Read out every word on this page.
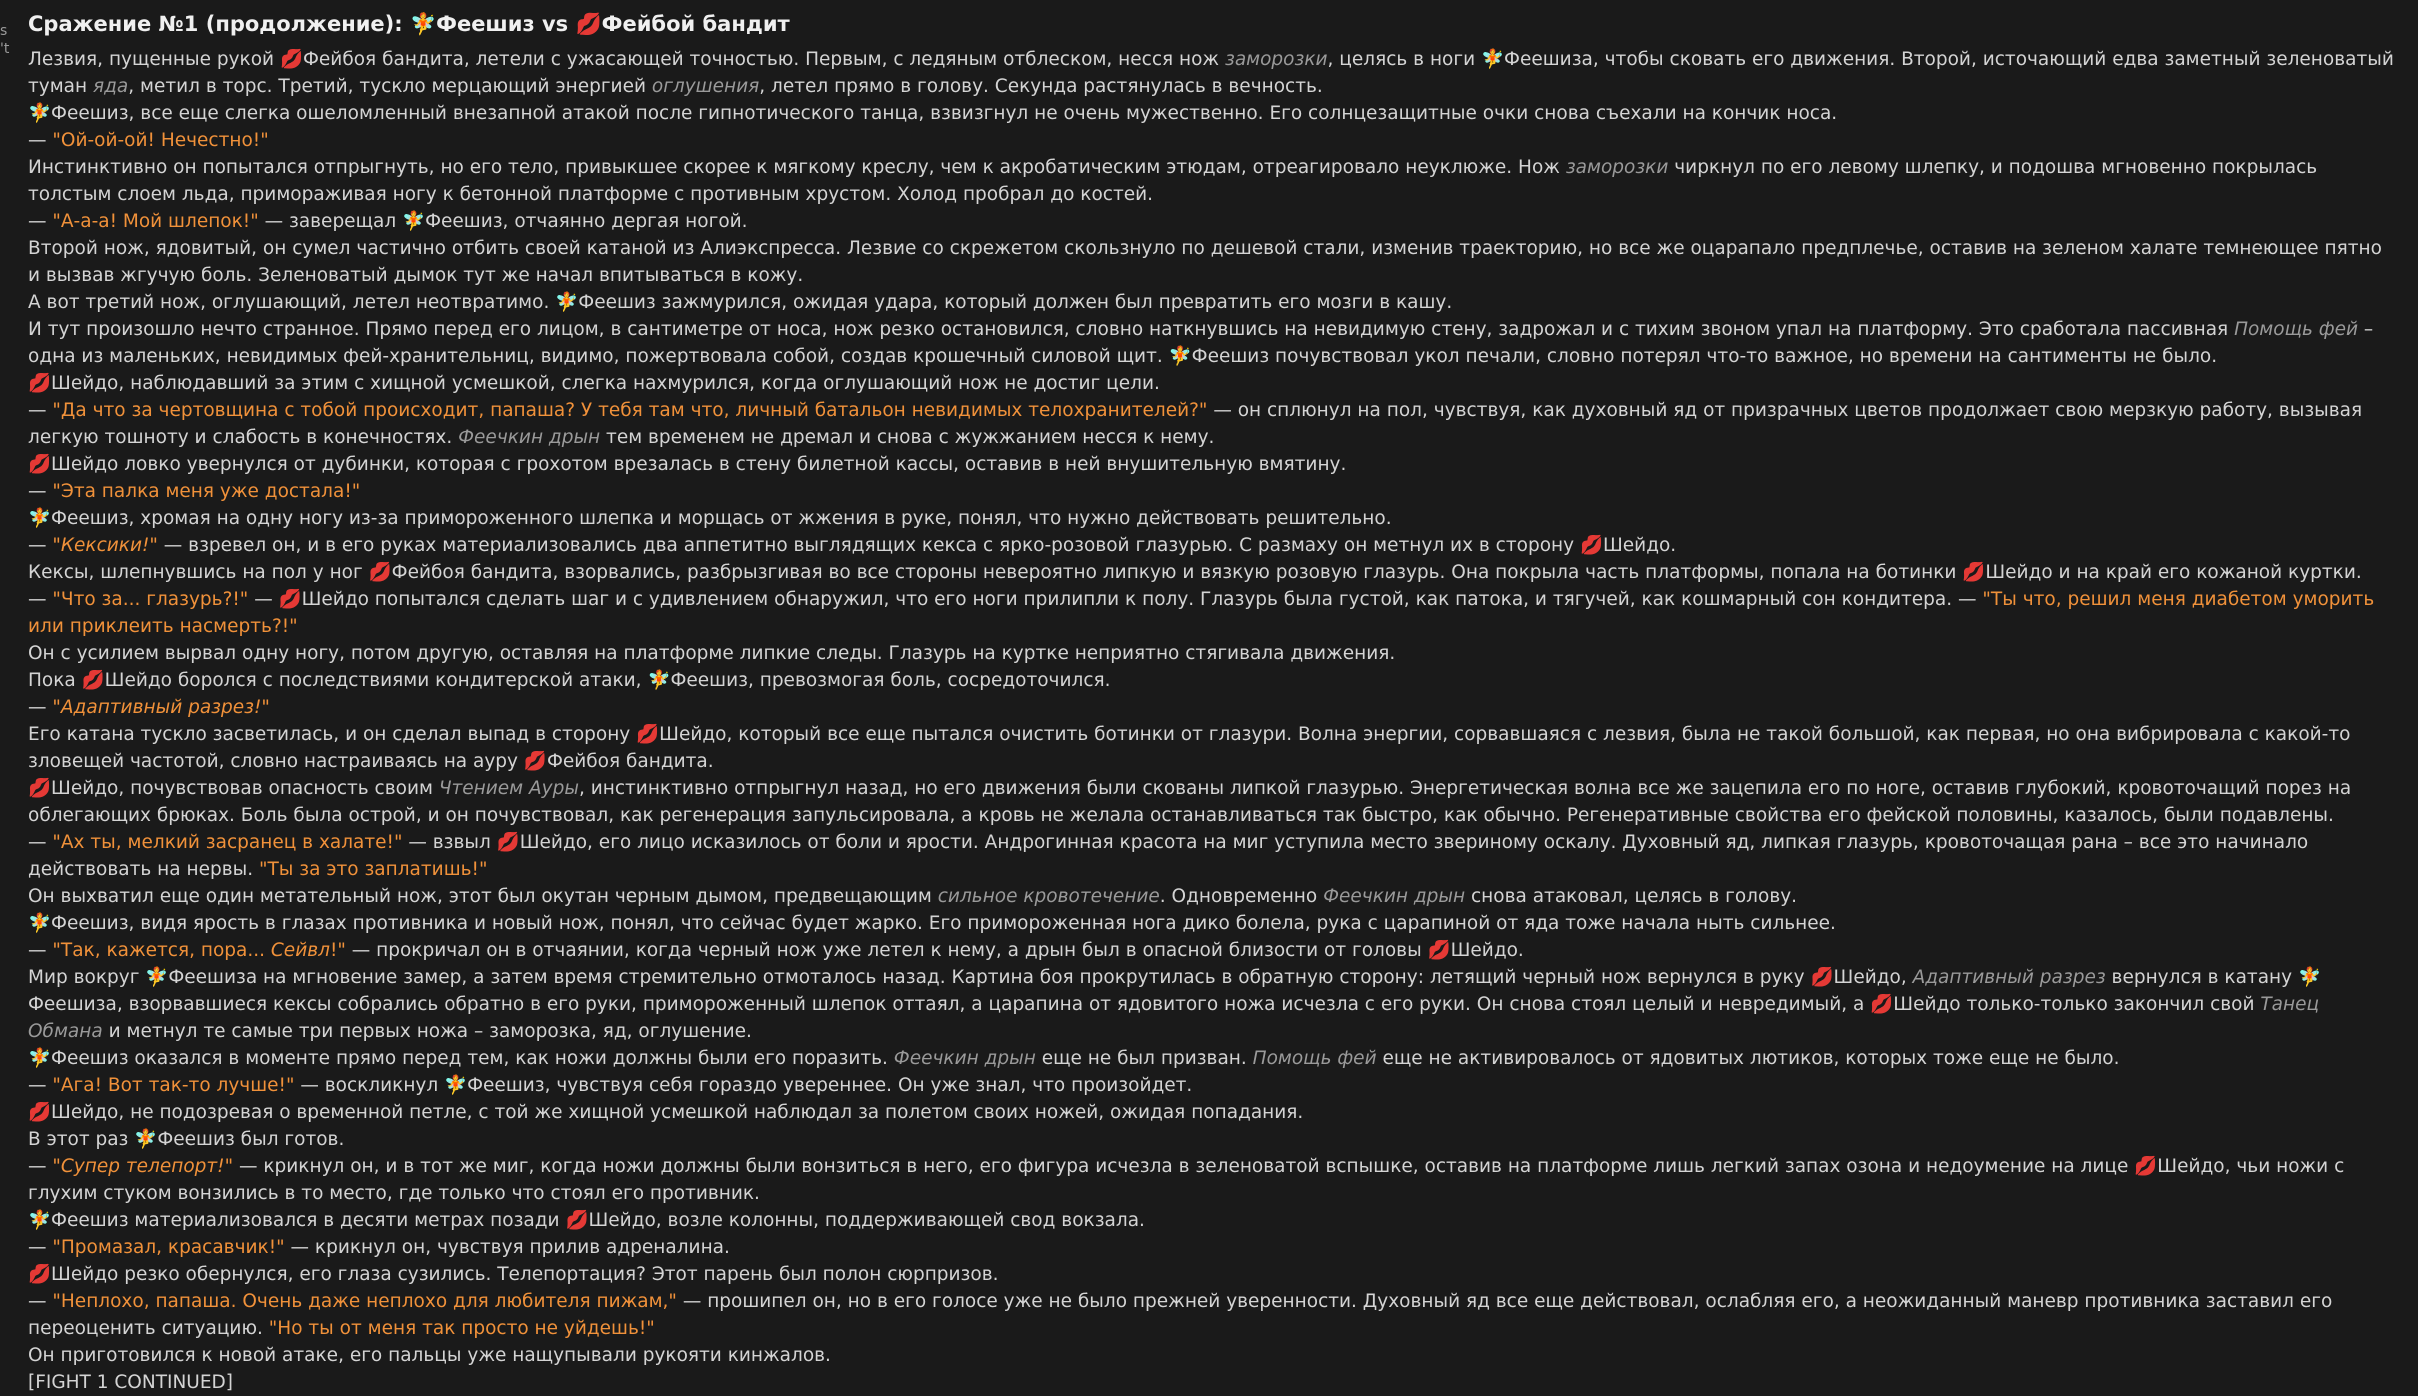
s
't
Сражение №1 (продолжение): 🧚Феешиз vs 💋Фейбой бандит
Лезвия, пущенные рукой 💋Фейбоя бандита, летели с ужасающей точностью. Первым, с ледяным отблеском, несся нож заморозки, целясь в ноги 🧚Феешиза, чтобы сковать его движения. Второй, источающий едва заметный зеленоватый туман яда, метил в торс. Третий, тускло мерцающий энергией оглушения, летел прямо в голову. Секунда растянулась в вечность.
🧚Феешиз, все еще слегка ошеломленный внезапной атакой после гипнотического танца, взвизгнул не очень мужественно. Его солнцезащитные очки снова съехали на кончик носа.
— "Ой-ой-ой! Нечестно!"
Инстинктивно он попытался отпрыгнуть, но его тело, привыкшее скорее к мягкому креслу, чем к акробатическим этюдам, отреагировало неуклюже. Нож заморозки чиркнул по его левому шлепку, и подошва мгновенно покрылась толстым слоем льда, примораживая ногу к бетонной платформе с противным хрустом. Холод пробрал до костей.
— "А-а-а! Мой шлепок!" — заверещал 🧚Феешиз, отчаянно дергая ногой.
Второй нож, ядовитый, он сумел частично отбить своей катаной из Алиэкспресса. Лезвие со скрежетом скользнуло по дешевой стали, изменив траекторию, но все же оцарапало предплечье, оставив на зеленом халате темнеющее пятно и вызвав жгучую боль. Зеленоватый дымок тут же начал впитываться в кожу.
А вот третий нож, оглушающий, летел неотвратимо. 🧚Феешиз зажмурился, ожидая удара, который должен был превратить его мозги в кашу.
И тут произошло нечто странное. Прямо перед его лицом, в сантиметре от носа, нож резко остановился, словно наткнувшись на невидимую стену, задрожал и с тихим звоном упал на платформу. Это сработала пассивная Помощь фей – одна из маленьких, невидимых фей-хранительниц, видимо, пожертвовала собой, создав крошечный силовой щит. 🧚Феешиз почувствовал укол печали, словно потерял что-то важное, но времени на сантименты не было.
💋Шейдо, наблюдавший за этим с хищной усмешкой, слегка нахмурился, когда оглушающий нож не достиг цели.
— "Да что за чертовщина с тобой происходит, папаша? У тебя там что, личный батальон невидимых телохранителей?" — он сплюнул на пол, чувствуя, как духовный яд от призрачных цветов продолжает свою мерзкую работу, вызывая легкую тошноту и слабость в конечностях. Феечкин дрын тем временем не дремал и снова с жужжанием несся к нему.
💋Шейдо ловко увернулся от дубинки, которая с грохотом врезалась в стену билетной кассы, оставив в ней внушительную вмятину.
— "Эта палка меня уже достала!"
🧚Феешиз, хромая на одну ногу из-за примороженного шлепка и морщась от жжения в руке, понял, что нужно действовать решительно.
— "Кексики!" — взревел он, и в его руках материализовались два аппетитно выглядящих кекса с ярко-розовой глазурью. С размаху он метнул их в сторону 💋Шейдо.
Кексы, шлепнувшись на пол у ног 💋Фейбоя бандита, взорвались, разбрызгивая во все стороны невероятно липкую и вязкую розовую глазурь. Она покрыла часть платформы, попала на ботинки 💋Шейдо и на край его кожаной куртки.
— "Что за... глазурь?!" — 💋Шейдо попытался сделать шаг и с удивлением обнаружил, что его ноги прилипли к полу. Глазурь была густой, как патока, и тягучей, как кошмарный сон кондитера. — "Ты что, решил меня диабетом уморить или приклеить насмерть?!"
Он с усилием вырвал одну ногу, потом другую, оставляя на платформе липкие следы. Глазурь на куртке неприятно стягивала движения.
Пока 💋Шейдо боролся с последствиями кондитерской атаки, 🧚Феешиз, превозмогая боль, сосредоточился.
— "Адаптивный разрез!"
Его катана тускло засветилась, и он сделал выпад в сторону 💋Шейдо, который все еще пытался очистить ботинки от глазури. Волна энергии, сорвавшаяся с лезвия, была не такой большой, как первая, но она вибрировала с какой-то зловещей частотой, словно настраиваясь на ауру 💋Фейбоя бандита.
💋Шейдо, почувствовав опасность своим Чтением Ауры, инстинктивно отпрыгнул назад, но его движения были скованы липкой глазурью. Энергетическая волна все же зацепила его по ноге, оставив глубокий, кровоточащий порез на облегающих брюках. Боль была острой, и он почувствовал, как регенерация запульсировала, а кровь не желала останавливаться так быстро, как обычно. Регенеративные свойства его фейской половины, казалось, были подавлены.
— "Ах ты, мелкий засранец в халате!" — взвыл 💋Шейдо, его лицо исказилось от боли и ярости. Андрогинная красота на миг уступила место звериному оскалу. Духовный яд, липкая глазурь, кровоточащая рана – все это начинало действовать на нервы. "Ты за это заплатишь!"
Он выхватил еще один метательный нож, этот был окутан черным дымом, предвещающим сильное кровотечение. Одновременно Феечкин дрын снова атаковал, целясь в голову.
🧚Феешиз, видя ярость в глазах противника и новый нож, понял, что сейчас будет жарко. Его примороженная нога дико болела, рука с царапиной от яда тоже начала ныть сильнее.
— "Так, кажется, пора... Сейвл!" — прокричал он в отчаянии, когда черный нож уже летел к нему, а дрын был в опасной близости от головы 💋Шейдо.
Мир вокруг 🧚Феешиза на мгновение замер, а затем время стремительно отмоталось назад. Картина боя прокрутилась в обратную сторону: летящий черный нож вернулся в руку 💋Шейдо, Адаптивный разрез вернулся в катану 🧚Феешиза, взорвавшиеся кексы собрались обратно в его руки, примороженный шлепок оттаял, а царапина от ядовитого ножа исчезла с его руки. Он снова стоял целый и невредимый, а 💋Шейдо только-только закончил свой Танец Обмана и метнул те самые три первых ножа – заморозка, яд, оглушение.
🧚Феешиз оказался в моменте прямо перед тем, как ножи должны были его поразить. Феечкин дрын еще не был призван. Помощь фей еще не активировалось от ядовитых лютиков, которых тоже еще не было.
— "Ага! Вот так-то лучше!" — воскликнул 🧚Феешиз, чувствуя себя гораздо увереннее. Он уже знал, что произойдет.
💋Шейдо, не подозревая о временной петле, с той же хищной усмешкой наблюдал за полетом своих ножей, ожидая попадания.
В этот раз 🧚Феешиз был готов.
— "Супер телепорт!" — крикнул он, и в тот же миг, когда ножи должны были вонзиться в него, его фигура исчезла в зеленоватой вспышке, оставив на платформе лишь легкий запах озона и недоумение на лице 💋Шейдо, чьи ножи с глухим стуком вонзились в то место, где только что стоял его противник.
🧚Феешиз материализовался в десяти метрах позади 💋Шейдо, возле колонны, поддерживающей свод вокзала.
— "Промазал, красавчик!" — крикнул он, чувствуя прилив адреналина.
💋Шейдо резко обернулся, его глаза сузились. Телепортация? Этот парень был полон сюрпризов.
— "Неплохо, папаша. Очень даже неплохо для любителя пижам," — прошипел он, но в его голосе уже не было прежней уверенности. Духовный яд все еще действовал, ослабляя его, а неожиданный маневр противника заставил его переоценить ситуацию. "Но ты от меня так просто не уйдешь!"
Он приготовился к новой атаке, его пальцы уже нащупывали рукояти кинжалов.
[FIGHT 1 CONTINUED]
